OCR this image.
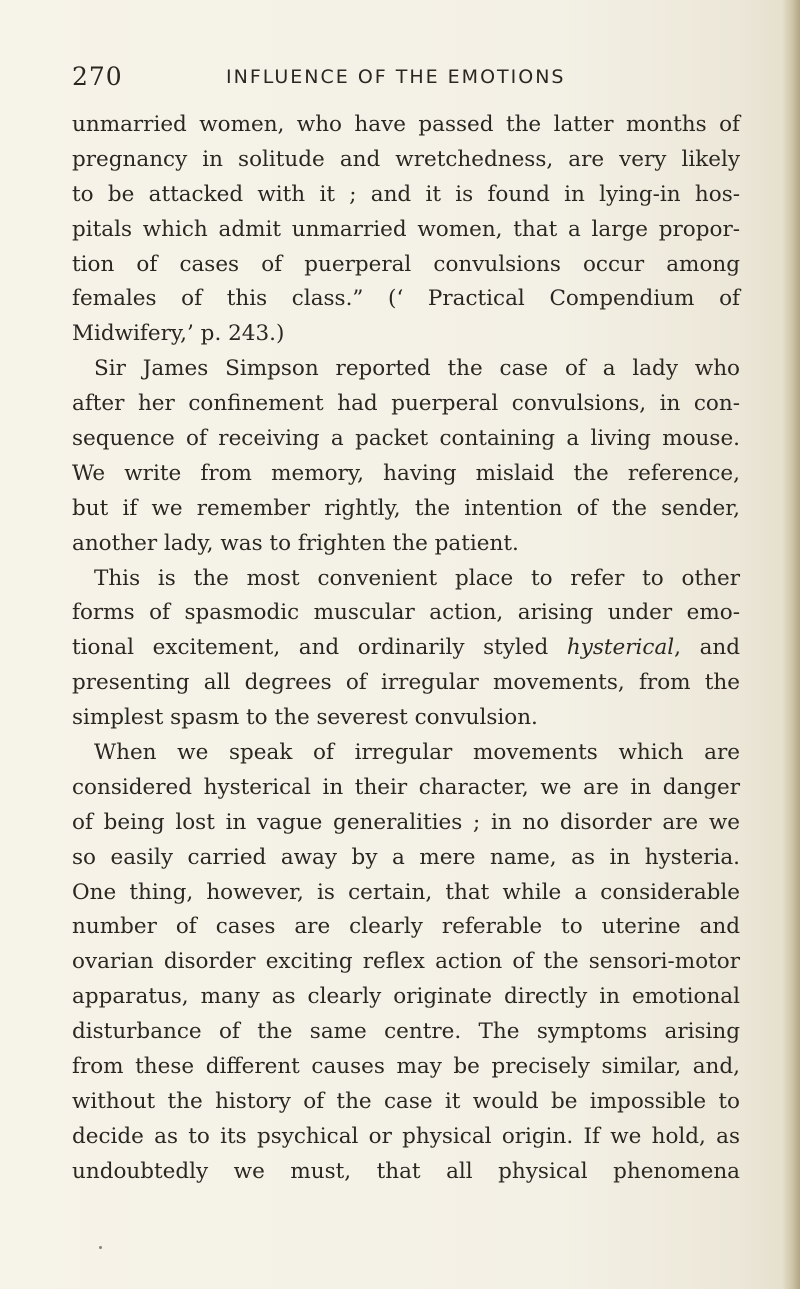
270	INFLUENCE OF THE EMOTIONS
unmarried women, who have passed the latter months of
pregnancy in solitude and wretchedness, are very likely
to be attacked with it ; and it is found in lying-in hos-
pitals which admit unmarried women, that a large propor-
tion of cases of puerperal convulsions occur among
females of this class.” (‘ Practical Compendium of
Midwifery,’ p. 243.)
Sir James Simpson reported the case of a lady who
after her confinement had puerperal convulsions, in con-
sequence of receiving a packet containing a living mouse.
We write from memory, having mislaid the reference,
but if we remember rightly, the intention of the sender,
another lady, was to frighten the patient.
This is the most convenient place to refer to other
forms of spasmodic muscular action, arising under emo-
tional excitement, and ordinarily styled hysterical, and
presenting all degrees of irregular movements, from the
simplest spasm to the severest convulsion.
When we speak of irregular movements which are
considered hysterical in their character, we are in danger
of being lost in vague generalities ; in no disorder are we
so easily carried away by a mere name, as in hysteria.
One thing, however, is certain, that while a considerable
number of cases are clearly referable to uterine and
ovarian disorder exciting reflex action of the sensori-motor
apparatus, many as clearly originate directly in emotional
disturbance of the same centre. The symptoms arising
from these different causes may be precisely similar, and,
without the history of the case it would be impossible to
decide as to its psychical or physical origin. If we hold, as
undoubtedly we must, that all physical phenomena
